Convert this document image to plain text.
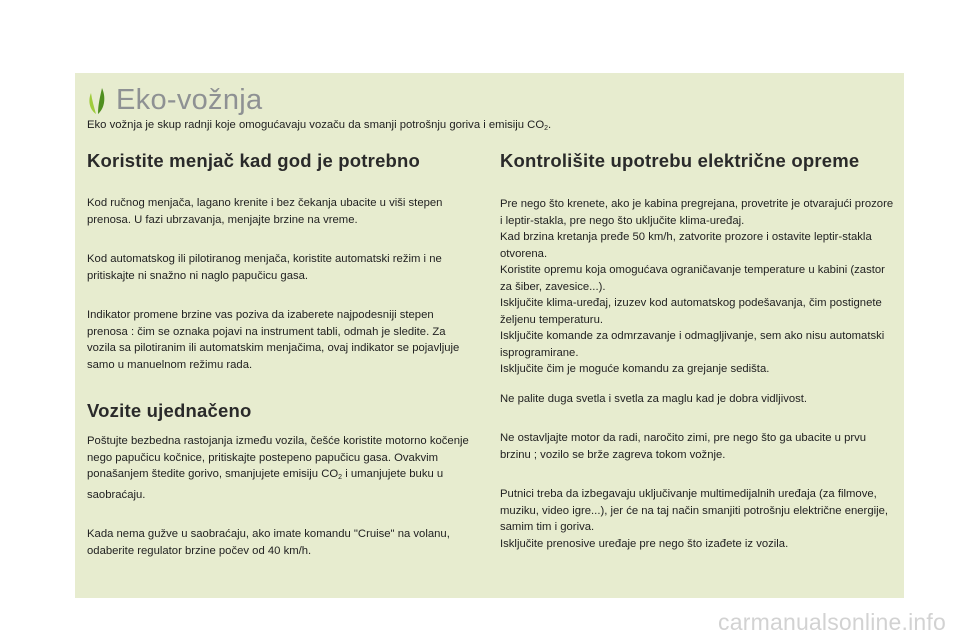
Eko-vožnja
Eko vožnja je skup radnji koje omogućavaju vozaču da smanji potrošnju goriva i emisiju $CO_2$.
Koristite menjač kad god je potrebno

Kod ručnog menjača, lagano krenite i bez čekanja ubacite u viši stepen prenosa. U fazi ubrzavanja, menjajte brzine na vreme.

Kod automatskog ili pilotiranog menjača, koristite automatski režim i ne pritiskajte ni snažno ni naglo papučicu gasa.

Indikator promene brzine vas poziva da izaberete najpodesniji stepen prenosa : čim se oznaka pojavi na instrument tabli, odmah je sledite. Za vozila sa pilotiranim ili automatskim menjačima, ovaj indikator se pojavljuje samo u manuelnom režimu rada.

Vozite ujednačeno

Poštujte bezbedna rastojanja između vozila, češće koristite motorno kočenje nego papučicu kočnice, pritiskajte postepeno papučicu gasa. Ovakvim ponašanjem štedite gorivo, smanjujete emisiju $CO_2$ i umanjujete buku u saobraćaju.

Kada nema gužve u saobraćaju, ako imate komandu "Cruise" na volanu, odaberite regulator brzine počev od 40 km/h.

Kontrolišite upotrebu električne opreme

Pre nego što krenete, ako je kabina pregrejana, provetrite je otvarajući prozore i leptir-stakla, pre nego što uključite klima-uređaj.

Kad brzina kretanja pređe 50 km/h, zatvorite prozore i ostavite leptir-stakla otvorena.

Koristite opremu koja omogućava ograničavanje temperature u kabini (zastor za šiber, zavesice...).

Isključite klima-uređaj, izuzev kod automatskog podešavanja, čim postignete željenu temperaturu.

Isključite komande za odmrzavanje i odmagljivanje, sem ako nisu automatski isprogramirane.

Isključite čim je moguće komandu za grejanje sedišta.

Ne palite duga svetla i svetla za maglu kad je dobra vidljivost.

Ne ostavljajte motor da radi, naročito zimi, pre nego što ga ubacite u prvu brzinu ; vozilo se brže zagreva tokom vožnje.

Putnici treba da izbegavaju uključivanje multimedijalnih uređaja (za filmove, muziku, video igre...), jer će na taj način smanjiti potrošnju električne energije, samim tim i goriva.

Isključite prenosive uređaje pre nego što izađete iz vozila.

carmanualsonline.info
